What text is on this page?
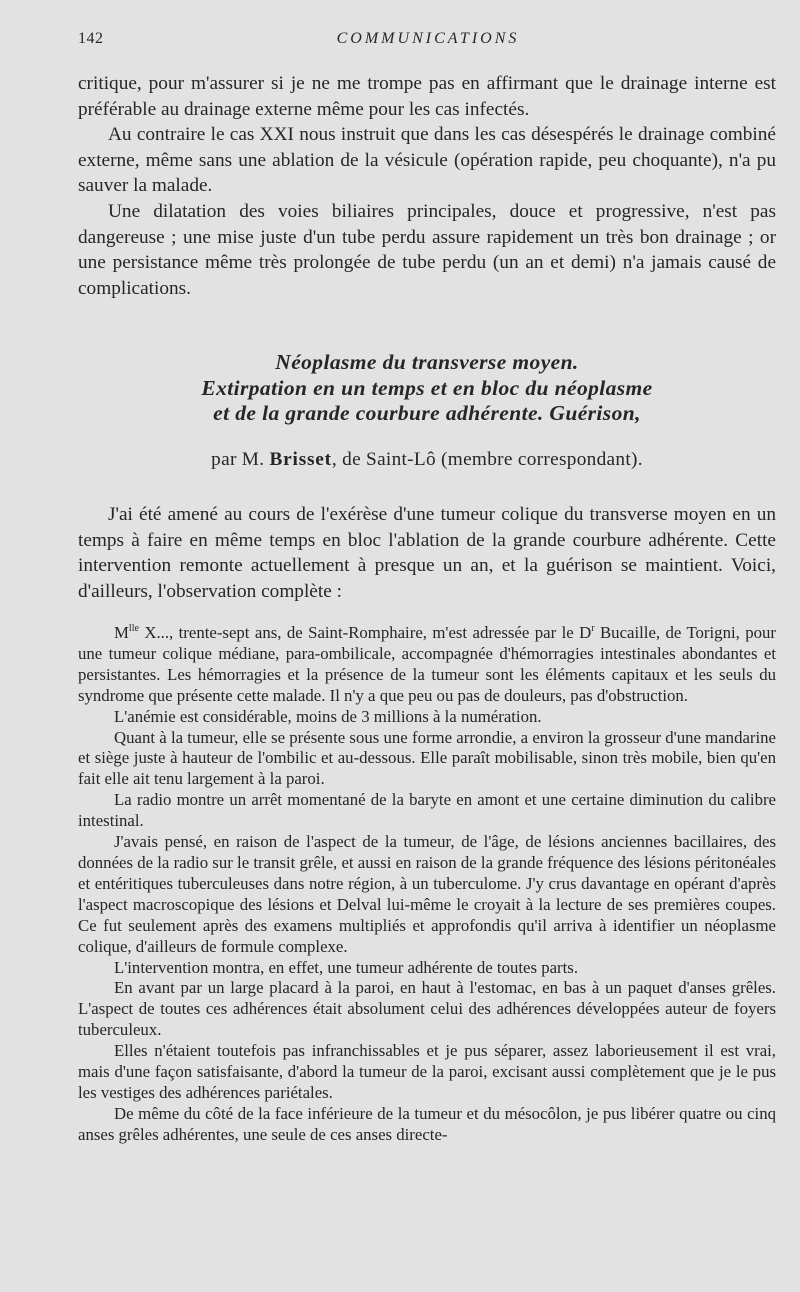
142	COMMUNICATIONS

critique, pour m'assurer si je ne me trompe pas en affirmant que le drainage interne est préférable au drainage externe même pour les cas infectés.

Au contraire le cas XXI nous instruit que dans les cas désespérés le drainage combiné externe, même sans une ablation de la vésicule (opération rapide, peu choquante), n'a pu sauver la malade.

Une dilatation des voies biliaires principales, douce et progressive, n'est pas dangereuse ; une mise juste d'un tube perdu assure rapidement un très bon drainage ; or une persistance même très prolongée de tube perdu (un an et demi) n'a jamais causé de complications.

Néoplasme du transverse moyen.
Extirpation en un temps et en bloc du néoplasme
et de la grande courbure adhérente. Guérison,
par M. Brisset, de Saint-Lô (membre correspondant).

J'ai été amené au cours de l'exérèse d'une tumeur colique du transverse moyen en un temps à faire en même temps en bloc l'ablation de la grande courbure adhérente. Cette intervention remonte actuellement à presque un an, et la guérison se maintient. Voici, d'ailleurs, l'observation complète :

$M^{lle}$ X..., trente-sept ans, de Saint-Romphaire, m'est adressée par le $D^r$ Bucaille, de Torigni, pour une tumeur colique médiane, para-ombilicale, accompagnée d'hémorragies intestinales abondantes et persistantes. Les hémorragies et la présence de la tumeur sont les éléments capitaux et les seuls du syndrome que présente cette malade. Il n'y a que peu ou pas de douleurs, pas d'obstruction.

L'anémie est considérable, moins de 3 millions à la numération.

Quant à la tumeur, elle se présente sous une forme arrondie, a environ la grosseur d'une mandarine et siège juste à hauteur de l'ombilic et au-dessous. Elle paraît mobilisable, sinon très mobile, bien qu'en fait elle ait tenu largement à la paroi.

La radio montre un arrêt momentané de la baryte en amont et une certaine diminution du calibre intestinal.

J'avais pensé, en raison de l'aspect de la tumeur, de l'âge, de lésions anciennes bacillaires, des données de la radio sur le transit grêle, et aussi en raison de la grande fréquence des lésions péritonéales et entéritiques tuberculeuses dans notre région, à un tuberculome. J'y crus davantage en opérant d'après l'aspect macroscopique des lésions et Delval lui-même le croyait à la lecture de ses premières coupes. Ce fut seulement après des examens multipliés et approfondis qu'il arriva à identifier un néoplasme colique, d'ailleurs de formule complexe.

L'intervention montra, en effet, une tumeur adhérente de toutes parts.

En avant par un large placard à la paroi, en haut à l'estomac, en bas à un paquet d'anses grêles. L'aspect de toutes ces adhérences était absolument celui des adhérences développées auteur de foyers tuberculeux.

Elles n'étaient toutefois pas infranchissables et je pus séparer, assez laborieusement il est vrai, mais d'une façon satisfaisante, d'abord la tumeur de la paroi, excisant aussi complètement que je le pus les vestiges des adhérences pariétales.

De même du côté de la face inférieure de la tumeur et du mésocôlon, je pus libérer quatre ou cinq anses grêles adhérentes, une seule de ces anses directe-
